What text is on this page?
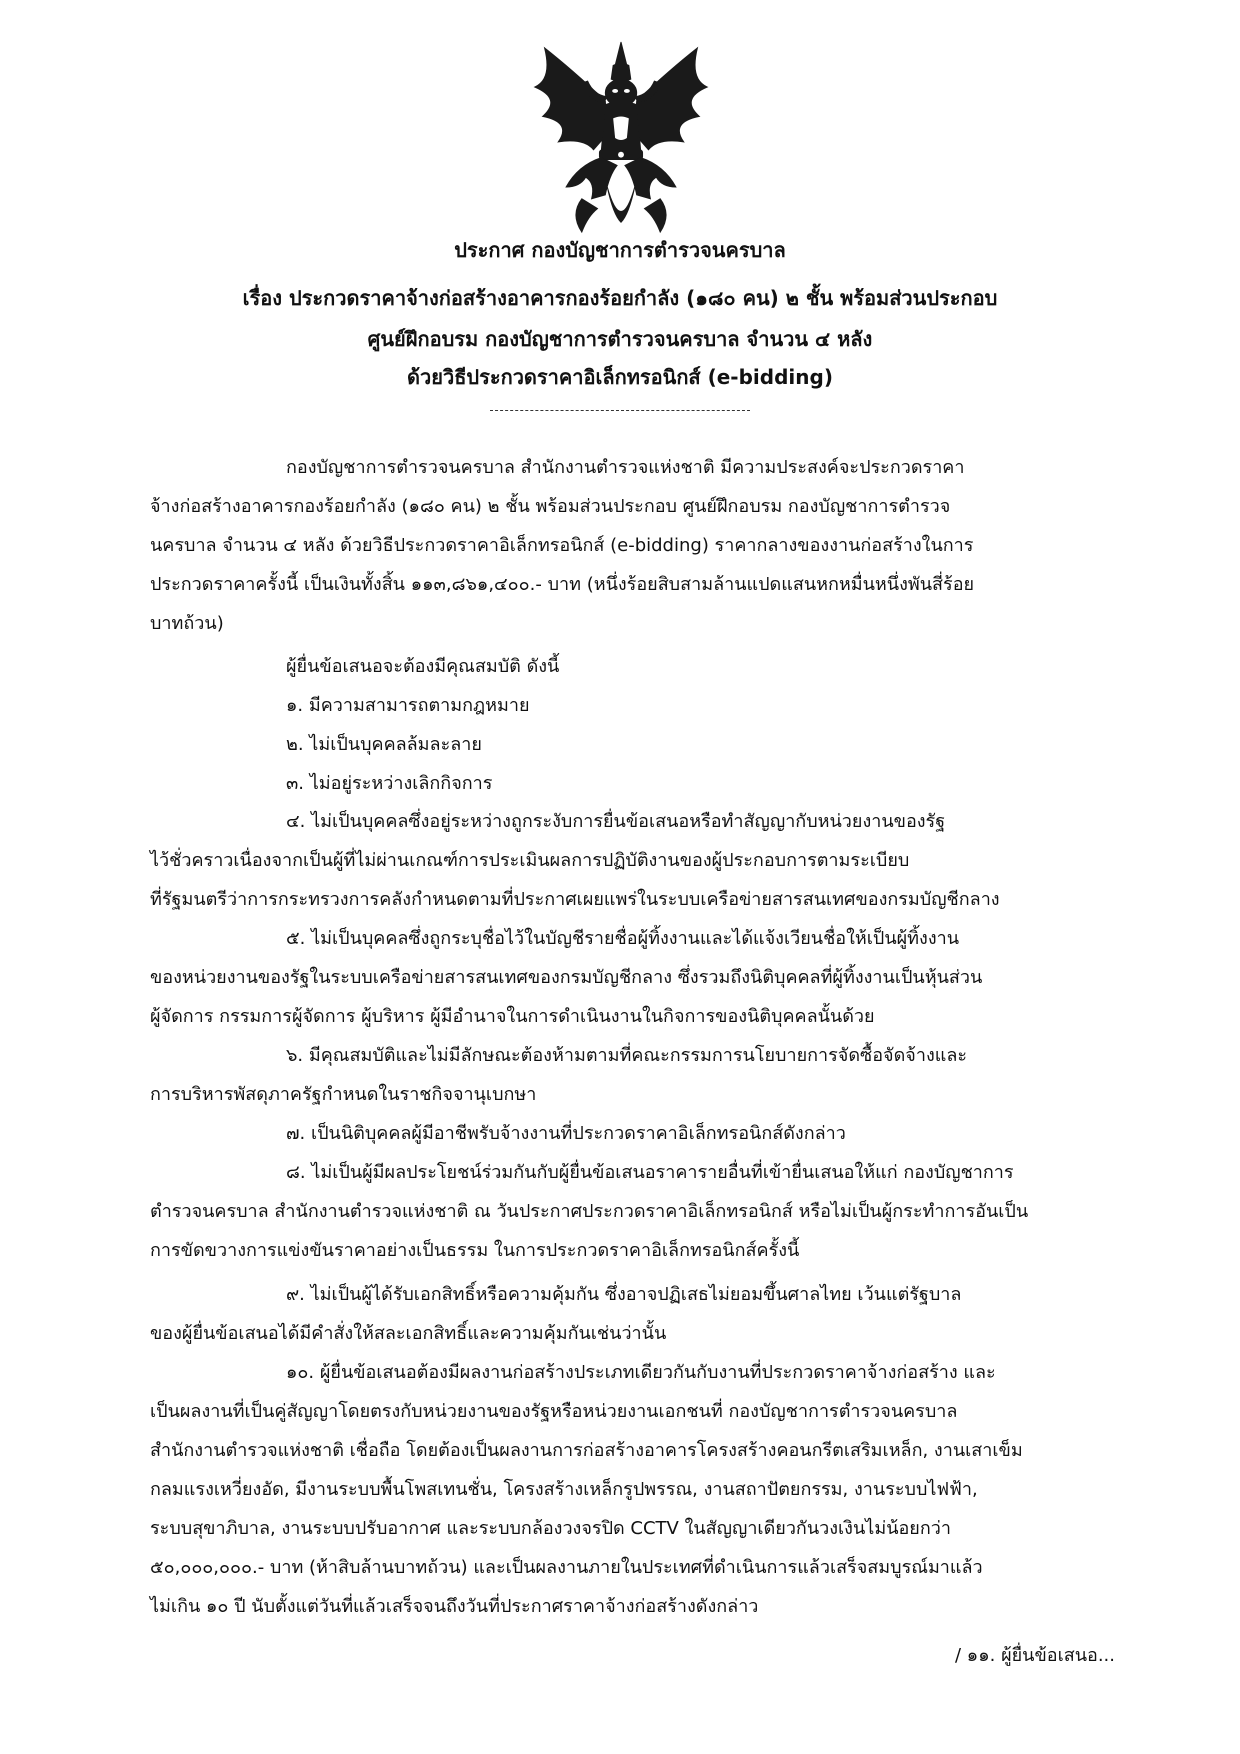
ประกาศ กองบัญชาการตำรวจนครบาล
เรื่อง ประกวดราคาจ้างก่อสร้างอาคารกองร้อยกำลัง (๑๘๐ คน) ๒ ชั้น พร้อมส่วนประกอบ
ศูนย์ฝึกอบรม กองบัญชาการตำรวจนครบาล จำนวน ๔ หลัง
ด้วยวิธีประกวดราคาอิเล็กทรอนิกส์ (e-bidding)
กองบัญชาการตำรวจนครบาล สำนักงานตำรวจแห่งชาติ มีความประสงค์จะประกวดราคา
จ้างก่อสร้างอาคารกองร้อยกำลัง (๑๘๐ คน) ๒ ชั้น พร้อมส่วนประกอบ ศูนย์ฝึกอบรม กองบัญชาการตำรวจ
นครบาล จำนวน ๔ หลัง ด้วยวิธีประกวดราคาอิเล็กทรอนิกส์ (e-bidding) ราคากลางของงานก่อสร้างในการ
ประกวดราคาครั้งนี้ เป็นเงินทั้งสิ้น ๑๑๓,๘๖๑,๔๐๐.- บาท (หนึ่งร้อยสิบสามล้านแปดแสนหกหมื่นหนึ่งพันสี่ร้อย
บาทถ้วน)
ผู้ยื่นข้อเสนอจะต้องมีคุณสมบัติ ดังนี้
๑. มีความสามารถตามกฎหมาย
๒. ไม่เป็นบุคคลล้มละลาย
๓. ไม่อยู่ระหว่างเลิกกิจการ
๔. ไม่เป็นบุคคลซึ่งอยู่ระหว่างถูกระงับการยื่นข้อเสนอหรือทำสัญญากับหน่วยงานของรัฐ
ไว้ชั่วคราวเนื่องจากเป็นผู้ที่ไม่ผ่านเกณฑ์การประเมินผลการปฏิบัติงานของผู้ประกอบการตามระเบียบ
ที่รัฐมนตรีว่าการกระทรวงการคลังกำหนดตามที่ประกาศเผยแพร่ในระบบเครือข่ายสารสนเทศของกรมบัญชีกลาง
๕. ไม่เป็นบุคคลซึ่งถูกระบุชื่อไว้ในบัญชีรายชื่อผู้ทิ้งงานและได้แจ้งเวียนชื่อให้เป็นผู้ทิ้งงาน
ของหน่วยงานของรัฐในระบบเครือข่ายสารสนเทศของกรมบัญชีกลาง ซึ่งรวมถึงนิติบุคคลที่ผู้ทิ้งงานเป็นหุ้นส่วน
ผู้จัดการ กรรมการผู้จัดการ ผู้บริหาร ผู้มีอำนาจในการดำเนินงานในกิจการของนิติบุคคลนั้นด้วย
๖. มีคุณสมบัติและไม่มีลักษณะต้องห้ามตามที่คณะกรรมการนโยบายการจัดซื้อจัดจ้างและ
การบริหารพัสดุภาครัฐกำหนดในราชกิจจานุเบกษา
๗. เป็นนิติบุคคลผู้มีอาชีพรับจ้างงานที่ประกวดราคาอิเล็กทรอนิกส์ดังกล่าว
๘. ไม่เป็นผู้มีผลประโยชน์ร่วมกันกับผู้ยื่นข้อเสนอราคารายอื่นที่เข้ายื่นเสนอให้แก่ กองบัญชาการ
ตำรวจนครบาล สำนักงานตำรวจแห่งชาติ ณ วันประกาศประกวดราคาอิเล็กทรอนิกส์ หรือไม่เป็นผู้กระทำการอันเป็น
การขัดขวางการแข่งขันราคาอย่างเป็นธรรม ในการประกวดราคาอิเล็กทรอนิกส์ครั้งนี้
๙. ไม่เป็นผู้ได้รับเอกสิทธิ์หรือความคุ้มกัน ซึ่งอาจปฏิเสธไม่ยอมขึ้นศาลไทย เว้นแต่รัฐบาล
ของผู้ยื่นข้อเสนอได้มีคำสั่งให้สละเอกสิทธิ์และความคุ้มกันเช่นว่านั้น
๑๐. ผู้ยื่นข้อเสนอต้องมีผลงานก่อสร้างประเภทเดียวกันกับงานที่ประกวดราคาจ้างก่อสร้าง และ
เป็นผลงานที่เป็นคู่สัญญาโดยตรงกับหน่วยงานของรัฐหรือหน่วยงานเอกชนที่ กองบัญชาการตำรวจนครบาล
สำนักงานตำรวจแห่งชาติ เชื่อถือ โดยต้องเป็นผลงานการก่อสร้างอาคารโครงสร้างคอนกรีตเสริมเหล็ก, งานเสาเข็ม
กลมแรงเหวี่ยงอัด, มีงานระบบพื้นโพสเทนชั่น, โครงสร้างเหล็กรูปพรรณ, งานสถาปัตยกรรม, งานระบบไฟฟ้า,
ระบบสุขาภิบาล, งานระบบปรับอากาศ และระบบกล้องวงจรปิด CCTV ในสัญญาเดียวกันวงเงินไม่น้อยกว่า
๕๐,๐๐๐,๐๐๐.- บาท (ห้าสิบล้านบาทถ้วน) และเป็นผลงานภายในประเทศที่ดำเนินการแล้วเสร็จสมบูรณ์มาแล้ว
ไม่เกิน ๑๐ ปี นับตั้งแต่วันที่แล้วเสร็จจนถึงวันที่ประกาศราคาจ้างก่อสร้างดังกล่าว
/ ๑๑. ผู้ยื่นข้อเสนอ...
